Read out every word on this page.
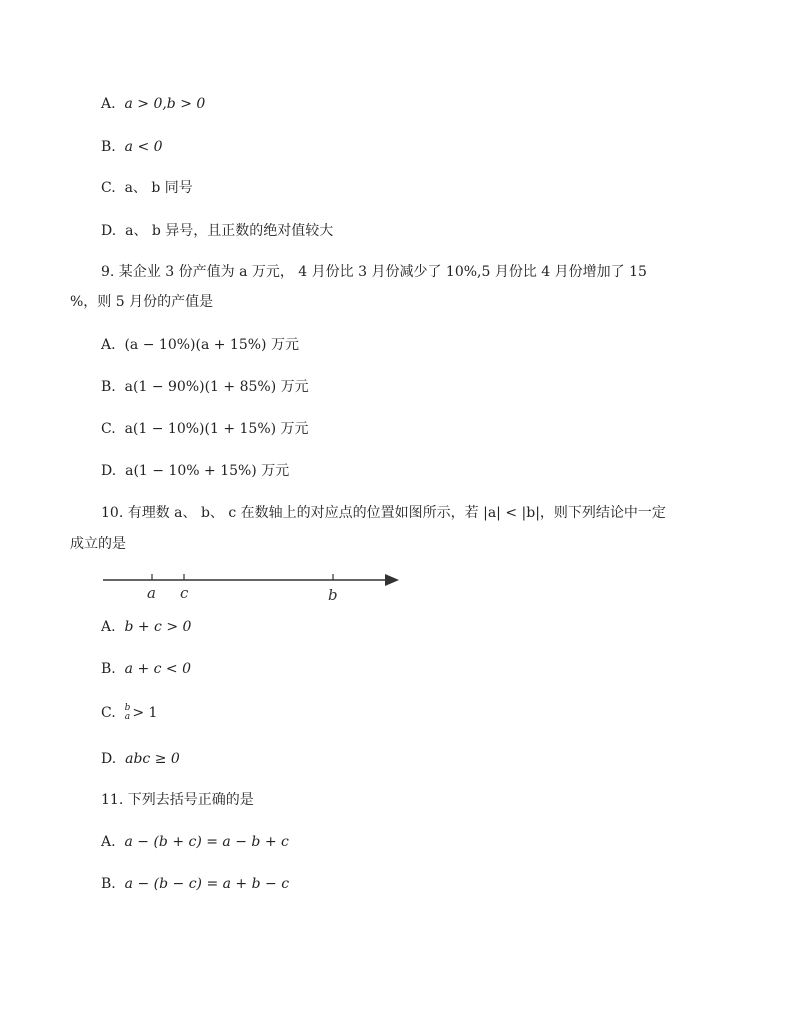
A. a > 0,b > 0
B. a < 0
C. a、 b 同号
D. a、 b 异号，且正数的绝对值较大
9. 某企业 3 份产值为 a 万元， 4 月份比 3 月份减少了 10%,5 月份比 4 月份增加了 15
%，则 5 月份的产值是
A. (a − 10%)(a + 15%) 万元
B. a(1 − 90%)(1 + 85%) 万元
C. a(1 − 10%)(1 + 15%) 万元
D. a(1 − 10% + 15%) 万元
10. 有理数 a、 b、 c 在数轴上的对应点的位置如图所示，若 |a| < |b|，则下列结论中一定
成立的是
a c	b
A. b + c > 0
B. a + c < 0
C. b
a > 1
D. abc ≥ 0
11. 下列去括号正确的是
A. a − (b + c) = a − b + c
B. a − (b − c) = a + b − c
